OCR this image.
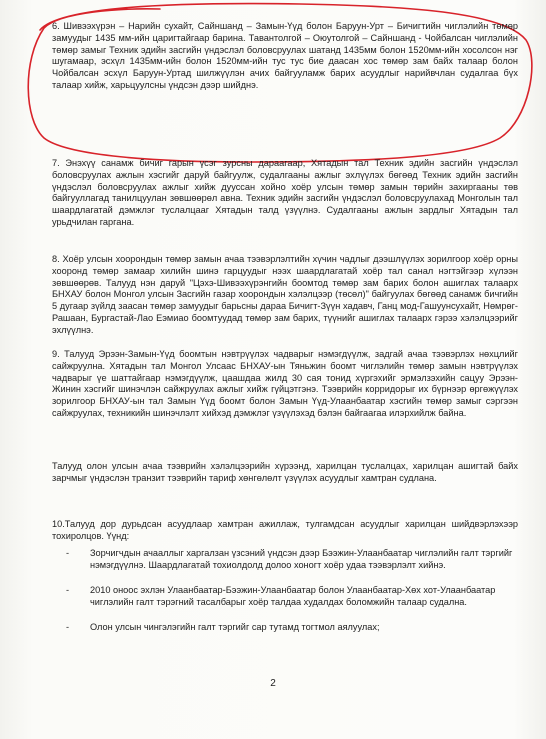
6. Шивээхүрэн – Нарийн сухайт, Сайншанд – Замын-Үүд болон Баруун-Урт – Бичигтийн чиглэлийн төмөр замуудыг 1435 мм-ийн царигтайгаар барина. Тавантолгой – Оюутолгой – Сайншанд - Чойбалсан чиглэлийн төмөр замыг Техник эдийн засгийн үндэслэл боловсруулах шатанд 1435мм болон 1520мм-ийн хосолсон нэг шугамаар, эсхүл 1435мм-ийн болон 1520мм-ийн тус тус бие даасан хос төмөр зам байх талаар болон Чойбалсан эсхүл Баруун-Уртад шилжүүлэн ачих байгууламж барих асуудлыг нарийвчлан судалгаа бүх талаар хийж, харьцуулсны үндсэн дээр шийднэ.

7. Энэхүү санамж бичиг гарын үсэг зурсны дараагаар, Хятадын тал Техник эдийн засгийн үндэслэл боловсруулах ажлын хэсгийг даруй байгуулж, судалгааны ажлыг эхлүүлэх бөгөөд Техник эдийн засгийн үндэслэл боловсруулах ажлыг хийж дууссан хойно хоёр улсын төмөр замын төрийн захиргааны төв байгууллагад танилцуулан зөвшөөрөл авна. Техник эдийн засгийн үндэслэл боловсруулахад Монголын тал шаардлагатай дэмжлэг туслалцааг Хятадын талд үзүүлнэ. Судалгааны ажлын зардлыг Хятадын тал урьдчилан гаргана.

8. Хоёр улсын хоорондын төмөр замын ачаа тээвэрлэлтийн хүчин чадлыг дээшлүүлэх зорилгоор хоёр орны хооронд төмөр замаар хилийн шинэ гарцуудыг нээх шаардлагатай хоёр тал санал нэгтэйгээр хүлээн зөвшөөрөв. Талууд нэн даруй "Цэхэ-Шивээхүрэнгийн боомтод төмөр зам барих болон ашиглах талаарх БНХАУ болон Монгол улсын Засгийн газар хоорондын хэлэлцээр (төсөл)" байгуулах бөгөөд санамж бичгийн 5 дугаар зүйлд заасан төмөр замуудыг барьсны дараа Бичигт-Зүүн хадавч, Ганц мод-Гашуунсухайт, Нөмрөг-Рашаан, Бургастай-Лао Еэмиао боомтуудад төмөр зам барих, түүнийг ашиглах талаарх гэрээ хэлэлцээрийг эхлүүлнэ.

9. Талууд Эрээн-Замын-Үүд боомтын нэвтрүүлэх чадварыг нэмэгдүүлж, задгай ачаа тээвэрлэх нөхцлийг сайжруулна. Хятадын тал Монгол Улсаас БНХАУ-ын Тяньжин боомт чиглэлийн төмөр замын нэвтрүүлэх чадварыг үе шаттайгаар нэмэгдүүлж, цаашдаа жилд 30 сая тонид хүргэхийг эрмэлзэхийн сацуу Эрээн-Жинин хэсгийг шинэчлэн сайжруулах ажлыг хийж гүйцэтгэнэ. Тээврийн корридорыг их бүрнээр өргөжүүлэх зорилгоор БНХАУ-ын тал Замын Үүд боомт болон Замын Үүд-Улаанбаатар хэсгийн төмөр замыг сэргээн сайжруулах, техникийн шинэчлэлт хийхэд дэмжлэг үзүүлэхэд бэлэн байгаагаа илэрхийлж байна.

Талууд олон улсын ачаа тээврийн хэлэлцээрийн хүрээнд, харилцан туслалцах, харилцан ашигтай байх зарчмыг үндэслэн транзит тээврийн тариф хөнгөлөлт үзүүлэх асуудлыг хамтран судлана.

10.Талууд дор дурьдсан асуудлаар хамтран ажиллаж, тулгамдсан асуудлыг харилцан шийдвэрлэхээр тохиролцов. Үүнд:

- Зорчигчдын ачааллыг харгалзан үзсэний үндсэн дээр Бээжин-Улаанбаатар чиглэлийн галт тэргийг нэмэгдүүлнэ. Шаардлагатай тохиолдолд долоо хоногт хоёр удаа тээвэрлэлт хийнэ.
- 2010 оноос эхлэн Улаанбаатар-Бээжин-Улаанбаатар болон Улаанбаатар-Хөх хот-Улаанбаатар чиглэлийн галт тэрэгний тасалбарыг хоёр талдаа худалдах боломжийн талаар судална.
- Олон улсын чингэлэгийн галт тэргийг сар тутамд тогтмол аялуулах;
2
